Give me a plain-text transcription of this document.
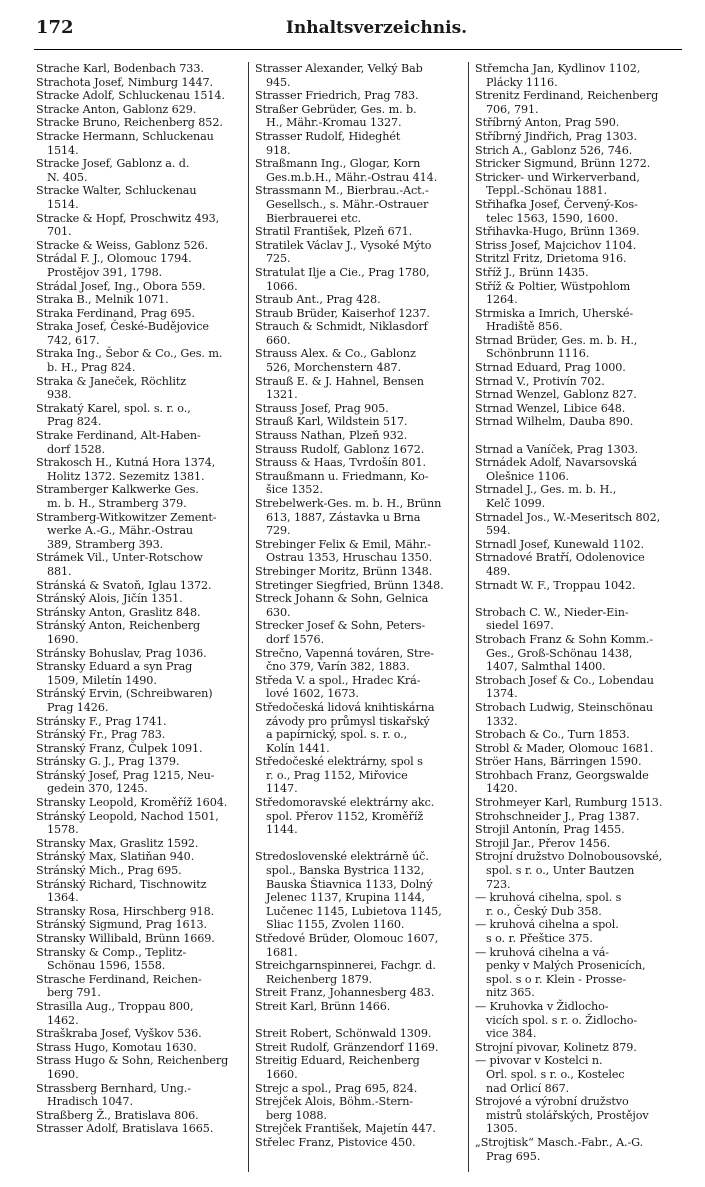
172	Inhaltsverzeichnis.
Strache Karl, Bodenbach 733.
Strachota Josef, Nimburg 1447.
Stracke Adolf, Schluckenau 1514.
Stracke Anton, Gablonz 629.
Stracke Bruno, Reichenberg 852.
Stracke Hermann, Schluckenau
1514.
Stracke Josef, Gablonz a. d.
N. 405.
Stracke Walter, Schluckenau
1514.
Stracke & Hopf, Proschwitz 493,
701.
Stracke & Weiss, Gablonz 526.
Strádal F. J., Olomouc 1794.
Prostějov 391, 1798.
Strádal Josef, Ing., Obora 559.
Straka B., Melnik 1071.
Straka Ferdinand, Prag 695.
Straka Josef, České-Budějovice
742, 617.
Straka Ing., Šebor & Co., Ges. m.
b. H., Prag 824.
Straka & Janeček, Röchlitz
938.
Strakatý Karel, spol. s. r. o.,
Prag 824.
Strake Ferdinand, Alt-Haben-
dorf 1528.
Strakosch H., Kutná Hora 1374,
Holitz 1372. Sezemitz 1381.
Stramberger Kalkwerke Ges.
m. b. H., Stramberg 379.
Stramberg-Witkowitzer Zement-
werke A.-G., Mähr.-Ostrau
389, Stramberg 393.
Strámek Vil., Unter-Rotschow
881.
Stránská & Svatoň, Iglau 1372.
Stránský Alois, Jičín 1351.
Stránsky Anton, Graslitz 848.
Stránský Anton, Reichenberg
1690.
Stránsky Bohuslav, Prag 1036.
Stransky Eduard a syn Prag
1509, Miletín 1490.
Stránský Ervin, (Schreibwaren)
Prag 1426.
Stránsky F., Prag 1741.
Stránský Fr., Prag 783.
Stranský Franz, Čulpek 1091.
Stránsky G. J., Prag 1379.
Stránský Josef, Prag 1215, Neu-
gedein 370, 1245.
Stransky Leopold, Kroměříž 1604.
Stránský Leopold, Nachod 1501,
1578.
Stransky Max, Graslitz 1592.
Stránský Max, Slatiňan 940.
Stránský Mich., Prag 695.
Stránský Richard, Tischnowitz
1364.
Stransky Rosa, Hirschberg 918.
Stránský Sigmund, Prag 1613.
Stransky Willibald, Brünn 1669.
Stransky & Comp., Teplitz-
Schönau 1596, 1558.
Strasche Ferdinand, Reichen-
berg 791.
Strasilla Aug., Troppau 800,
1462.
Straškraba Josef, Vyškov 536.
Strass Hugo, Komotau 1630.
Strass Hugo & Sohn, Reichenberg
1690.
Strassberg Bernhard, Ung.-
Hradisch 1047.
Straßberg Ž., Bratislava 806.
Strasser Adolf, Bratislava 1665.
Strasser Alexander, Velký Bab
945.
Strasser Friedrich, Prag 783.
Straßer Gebrüder, Ges. m. b.
H., Mähr.-Kromau 1327.
Strasser Rudolf, Hideghét
918.
Straßmann Ing., Glogar, Korn
Ges.m.b.H., Mähr.-Ostrau 414.
Strassmann M., Bierbrau.-Act.-
Gesellsch., s. Mähr.-Ostrauer
Bierbrauerei etc.
Stratil František, Plzeň 671.
Stratilek Václav J., Vysoké Mýto
725.
Stratulat Ilje a Cie., Prag 1780,
1066.
Straub Ant., Prag 428.
Straub Brüder, Kaiserhof 1237.
Strauch & Schmidt, Niklasdorf
660.
Strauss Alex. & Co., Gablonz
526, Morchenstern 487.
Strauß E. & J. Hahnel, Bensen
1321.
Strauss Josef, Prag 905.
Strauß Karl, Wildstein 517.
Strauss Nathan, Plzeň 932.
Strauss Rudolf, Gablonz 1672.
Strauss & Haas, Tvrdošín 801.
Straußmann u. Friedmann, Ko-
šice 1352.
Strebelwerk-Ges. m. b. H., Brünn
613, 1887, Zástavka u Brna
729.
Strebinger Felix & Emil, Mähr.-
Ostrau 1353, Hruschau 1350.
Strebinger Moritz, Brünn 1348.
Stretinger Siegfried, Brünn 1348.
Streck Johann & Sohn, Gelnica
630.
Strecker Josef & Sohn, Peters-
dorf 1576.
Strečno, Vapenná továren, Stre-
čno 379, Varín 382, 1883.
Středa V. a spol., Hradec Krá-
lové 1602, 1673.
Středočeská lidová knihtiskárna
závody pro průmysl tiskařský
a papírnický, spol. s. r. o.,
Kolín 1441.
Středočeské elektrárny, spol s
r. o., Prag 1152, Miřovice
1147.
Středomoravské elektrárny akc.
spol. Přerov 1152, Kroměříž
1144.

Stredoslovenské elektrárně úč.
spol., Banska Bystrica 1132,
Bauska Štiavnica 1133, Dolný
Jelenec 1137, Krupina 1144,
Lučenec 1145, Lubietova 1145,
Sliac 1155, Zvolen 1160.
Středové Brüder, Olomouc 1607,
1681.
Streichgarnspinnerei, Fachgr. d.
Reichenberg 1879.
Streit Franz, Johannesberg 483.
Streit Karl, Brünn 1466.

Streit Robert, Schönwald 1309.
Streit Rudolf, Gränzendorf 1169.
Streitig Eduard, Reichenberg
1660.
Strejc a spol., Prag 695, 824.
Strejček Alois, Böhm.-Stern-
berg 1088.
Strejček František, Majetín 447.
Střelec Franz, Pistovice 450.
Střemcha Jan, Kydlinov 1102,
Plácky 1116.
Strenitz Ferdinand, Reichenberg
706, 791.
Stříbrný Anton, Prag 590.
Stříbrný Jindřich, Prag 1303.
Strich A., Gablonz 526, 746.
Stricker Sigmund, Brünn 1272.
Stricker- und Wirkerverband,
Teppl.-Schönau 1881.
Střihafka Josef, Červený-Kos-
telec 1563, 1590, 1600.
Střihavka-Hugo, Brünn 1369.
Striss Josef, Majcichov 1104.
Stritzl Fritz, Drietoma 916.
Stříž J., Brünn 1435.
Stříž & Poltier, Wüstpohlom
1264.
Strmiska a Imrich, Uherské-
Hradiště 856.
Strnad Brüder, Ges. m. b. H.,
Schönbrunn 1116.
Strnad Eduard, Prag 1000.
Strnad V., Protivín 702.
Strnad Wenzel, Gablonz 827.
Strnad Wenzel, Libice 648.
Strnad Wilhelm, Dauba 890.

Strnad a Vaníček, Prag 1303.
Strnádek Adolf, Navarsovská
Olešnice 1106.
Strnadel J., Ges. m. b. H.,
Kelč 1099.
Strnadel Jos., W.-Meseritsch 802,
594.
Strnadl Josef, Kunewald 1102.
Strnadové Bratří, Odolenovice
489.
Strnadt W. F., Troppau 1042.

Strobach C. W., Nieder-Ein-
siedel 1697.
Strobach Franz & Sohn Komm.-
Ges., Groß-Schönau 1438,
1407, Salmthal 1400.
Strobach Josef & Co., Lobendau
1374.
Strobach Ludwig, Steinschönau
1332.
Strobach & Co., Turn 1853.
Strobl & Mader, Olomouc 1681.
Ströer Hans, Bärringen 1590.
Strohbach Franz, Georgswalde
1420.
Strohmeyer Karl, Rumburg 1513.
Strohschneider J., Prag 1387.
Strojil Antonín, Prag 1455.
Strojil Jar., Přerov 1456.
Strojní družstvo Dolnobousovské,
spol. s r. o., Unter Bautzen
723.
— kruhová cihelna, spol. s
r. o., Český Dub 358.
— kruhová cihelna a spol.
s o. r. Přeštice 375.
— kruhová cihelna a vá-
penky v Malých Prosenicích,
spol. s o r. Klein - Prosse-
nitz 365.
— Kruhovka v Židlocho-
vicích spol. s r. o. Židlocho-
vice 384.
Strojní pivovar, Kolinetz 879.
— pivovar v Kostelci n.
Orl. spol. s r. o., Kostelec
nad Orlicí 867.
Strojové a výrobní družstvo
mistrů stolářských, Prostějov
1305.
„Strojtisk“ Masch.-Fabr., A.-G.
Prag 695.
